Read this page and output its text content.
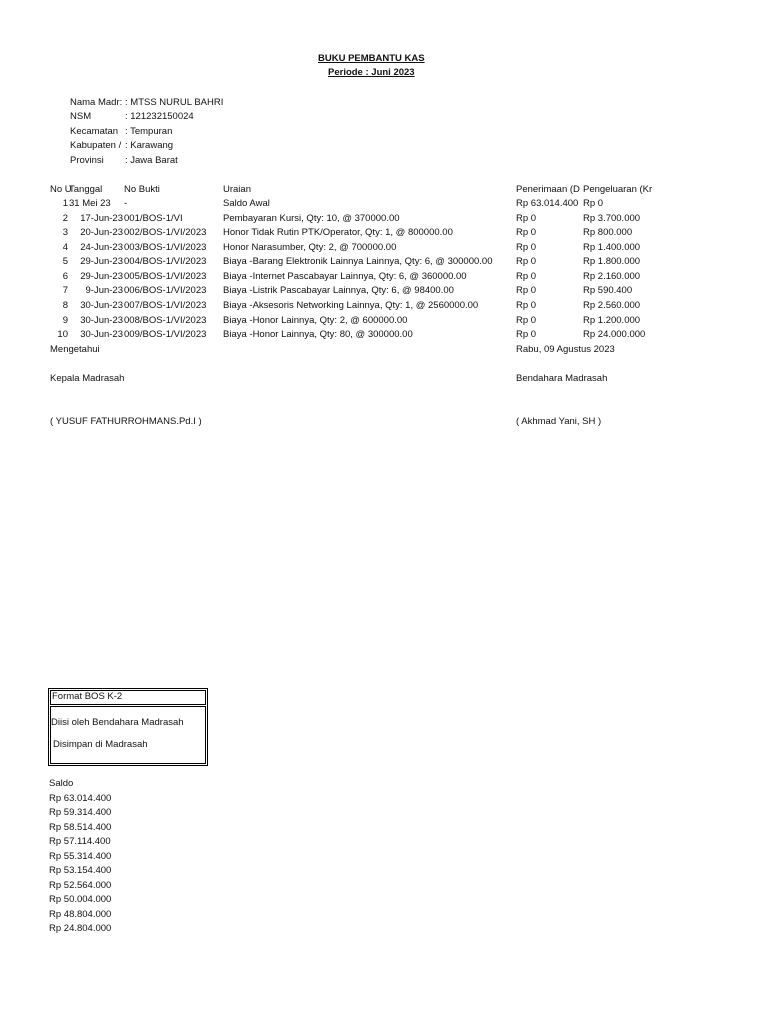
BUKU PEMBANTU KAS
Periode : Juni 2023
Nama Madr: : MTSS NURUL BAHRI
NSM	: 121232150024
Kecamatan : Tempuran
Kabupaten / : Karawang
Provinsi : Jawa Barat
No U
Tanggal No Bukti	Uraian	Penerimaan (D Pengeluaran (Kr
1 31 Mei 23 -	Saldo Awal	Rp 63.014.400 Rp 0
2	17-Jun-23 001/BOS-1/VI	Pembayaran Kursi, Qty: 10, @ 370000.00	Rp 0	Rp 3.700.000
3	20-Jun-23 002/BOS-1/VI/2023 Honor Tidak Rutin PTK/Operator, Qty: 1, @ 800000.00	Rp 0	Rp 800.000
4	24-Jun-23 003/BOS-1/VI/2023 Honor Narasumber, Qty: 2, @ 700000.00	Rp 0	Rp 1.400.000
5	29-Jun-23 004/BOS-1/VI/2023 Biaya -Barang Elektronik Lainnya Lainnya, Qty: 6, @ 300000.00 Rp 0	Rp 1.800.000
6	29-Jun-23 005/BOS-1/VI/2023 Biaya -Internet Pascabayar Lainnya, Qty: 6, @ 360000.00	Rp 0	Rp 2.160.000
7	9-Jun-23 006/BOS-1/VI/2023 Biaya -Listrik Pascabayar Lainnya, Qty: 6, @ 98400.00	Rp 0	Rp 590.400
8	30-Jun-23 007/BOS-1/VI/2023 Biaya -Aksesoris Networking Lainnya, Qty: 1, @ 2560000.00	Rp 0	Rp 2.560.000
9	30-Jun-23 008/BOS-1/VI/2023 Biaya -Honor Lainnya, Qty: 2, @ 600000.00	Rp 0	Rp 1.200.000
10	30-Jun-23 009/BOS-1/VI/2023 Biaya -Honor Lainnya, Qty: 80, @ 300000.00	Rp 0	Rp 24.000.000
Mengetahui	Rabu, 09 Agustus 2023
Kepala Madrasah	Bendahara Madrasah
( YUSUF FATHURROHMANS.Pd.I )	( Akhmad Yani, SH )
Format BOS K-2
Diisi oleh Bendahara Madrasah
Disimpan di Madrasah
Saldo
Rp 63.014.400
Rp 59.314.400
Rp 58.514.400
Rp 57.114.400
Rp 55.314.400
Rp 53.154.400
Rp 52.564.000
Rp 50.004.000
Rp 48.804.000
Rp 24.804.000
